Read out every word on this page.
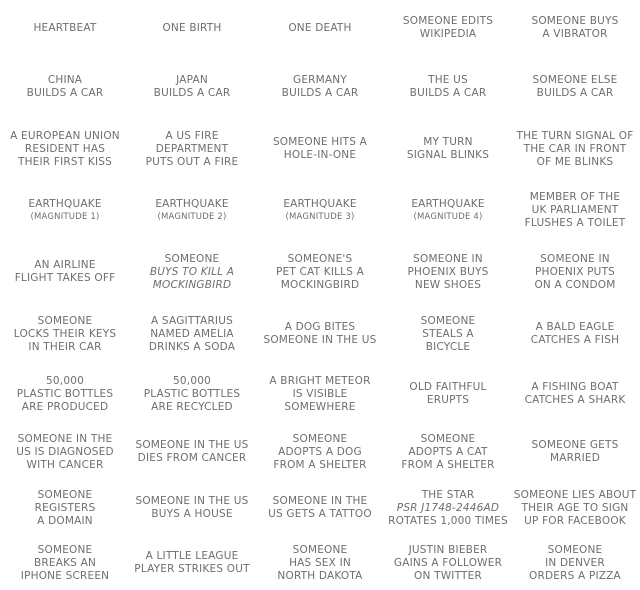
HEARTBEAT	ONE BIRTH	ONE DEATH
SOMEONE EDITS
WIKIPEDIA
SOMEONE BUYS
A VIBRATOR
CHINA
BUILDS A CAR
JAPAN
BUILDS A CAR
GERMANY
BUILDS A CAR
THE US
BUILDS A CAR
SOMEONE ELSE
BUILDS A CAR
A EUROPEAN UNION
RESIDENT HAS
THEIR FIRST KISS
A US FIRE
DEPARTMENT
PUTS OUT A FIRE
SOMEONE HITS A
HOLE-IN-ONE
MY TURN
SIGNAL BLINKS
THE TURN SIGNAL OF
THE CAR IN FRONT
OF ME BLINKS
EARTHQUAKE
(MAGNITUDE 1)
EARTHQUAKE
(MAGNITUDE 2)
EARTHQUAKE
(MAGNITUDE 3)
EARTHQUAKE
(MAGNITUDE 4)
MEMBER OF THE
UK PARLIAMENT
FLUSHES A TOILET
AN AIRLINE
FLIGHT TAKES OFF
SOMEONE
BUYS TO KILL A
MOCKINGBIRD
SOMEONE'S
PET CAT KILLS A
MOCKINGBIRD
SOMEONE IN
PHOENIX BUYS
NEW SHOES
SOMEONE IN
PHOENIX PUTS
ON A CONDOM
SOMEONE
LOCKS THEIR KEYS
IN THEIR CAR
A SAGITTARIUS
NAMED AMELIA
DRINKS A SODA
A DOG BITES
SOMEONE IN THE US
SOMEONE
STEALS A
BICYCLE
A BALD EAGLE
CATCHES A FISH
50,000
PLASTIC BOTTLES
ARE PRODUCED
50,000
PLASTIC BOTTLES
ARE RECYCLED
A BRIGHT METEOR
IS VISIBLE
SOMEWHERE
OLD FAITHFUL
ERUPTS
A FISHING BOAT
CATCHES A SHARK
SOMEONE IN THE
US IS DIAGNOSED
WITH CANCER
SOMEONE IN THE US
DIES FROM CANCER
SOMEONE
ADOPTS A DOG
FROM A SHELTER
SOMEONE
ADOPTS A CAT
FROM A SHELTER
SOMEONE GETS
MARRIED
SOMEONE
REGISTERS
A DOMAIN
SOMEONE IN THE US
BUYS A HOUSE
SOMEONE IN THE
US GETS A TATTOO
THE STAR
PSR J1748-2446AD
ROTATES 1,000 TIMES
SOMEONE LIES ABOUT
THEIR AGE TO SIGN
UP FOR FACEBOOK
SOMEONE
BREAKS AN
IPHONE SCREEN
A LITTLE LEAGUE
PLAYER STRIKES OUT
SOMEONE
HAS SEX IN
NORTH DAKOTA
JUSTIN BIEBER
GAINS A FOLLOWER
ON TWITTER
SOMEONE
IN DENVER
ORDERS A PIZZA
